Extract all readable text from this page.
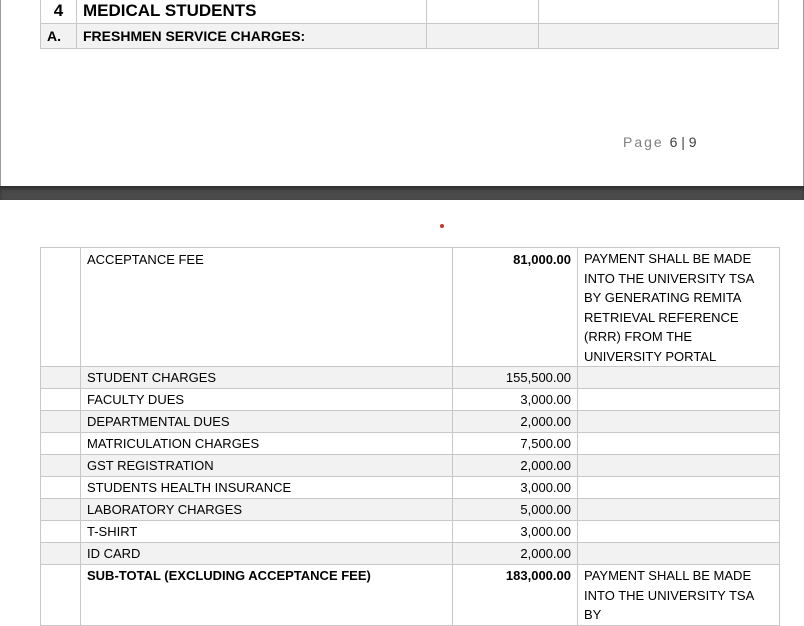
4	MEDICAL STUDENTS		
A.	FRESHMEN SERVICE CHARGES:		
Page 6 | 9
	ACCEPTANCE FEE	81,000.00	PAYMENT SHALL BE MADE INTO THE UNIVERSITY TSA BY GENERATING REMITA RETRIEVAL REFERENCE (RRR) FROM THE UNIVERSITY PORTAL
	STUDENT CHARGES	155,500.00	
	FACULTY DUES	3,000.00	
	DEPARTMENTAL DUES	2,000.00	
	MATRICULATION CHARGES	7,500.00	
	GST REGISTRATION	2,000.00	
	STUDENTS HEALTH INSURANCE	3,000.00	
	LABORATORY CHARGES	5,000.00	
	T-SHIRT	3,000.00	
	ID CARD	2,000.00	
	SUB-TOTAL (EXCLUDING ACCEPTANCE FEE)	183,000.00	PAYMENT SHALL BE MADE INTO THE UNIVERSITY TSA BY
